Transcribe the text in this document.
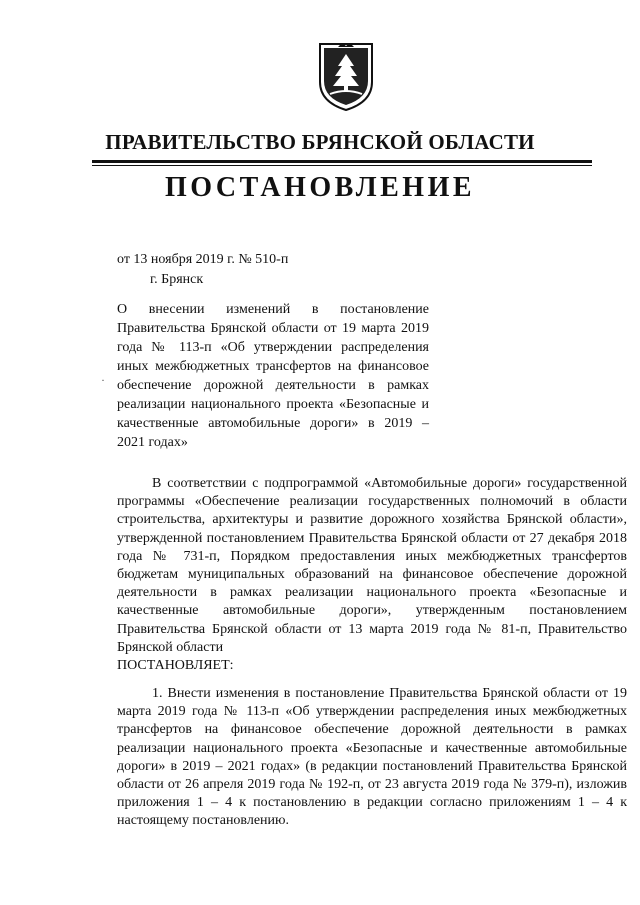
ПРАВИТЕЛЬСТВО БРЯНСКОЙ ОБЛАСТИ
ПОСТАНОВЛЕНИЕ
от 13 ноября 2019 г. № 510-п
г. Брянск
·
О внесении изменений в постановление Правительства Брянской области от 19 марта 2019 года № 113-п «Об утверждении распределения иных межбюджетных трансфертов на финансовое обеспечение дорожной деятельности в рамках реализации национального проекта «Безопасные и качественные автомобильные дороги» в 2019 – 2021 годах»
В соответствии с подпрограммой «Автомобильные дороги» государственной программы «Обеспечение реализации государственных полномочий в области строительства, архитектуры и развитие дорожного хозяйства Брянской области», утвержденной постановлением Правительства Брянской области от 27 декабря 2018 года № 731-п, Порядком предоставления иных межбюджетных трансфертов бюджетам муниципальных образований на финансовое обеспечение дорожной деятельности в рамках реализации национального проекта «Безопасные и качественные автомобильные дороги», утвержденным постановлением Правительства Брянской области от 13 марта 2019 года № 81-п, Правительство Брянской области
ПОСТАНОВЛЯЕТ:
1. Внести изменения в постановление Правительства Брянской области от 19 марта 2019 года № 113-п «Об утверждении распределения иных межбюджетных трансфертов на финансовое обеспечение дорожной деятельности в рамках реализации национального проекта «Безопасные и качественные автомобильные дороги» в 2019 – 2021 годах» (в редакции постановлений Правительства Брянской области от 26 апреля 2019 года № 192-п, от 23 августа 2019 года № 379-п), изложив приложения 1 – 4 к постановлению в редакции согласно приложениям 1 – 4 к настоящему постановлению.
